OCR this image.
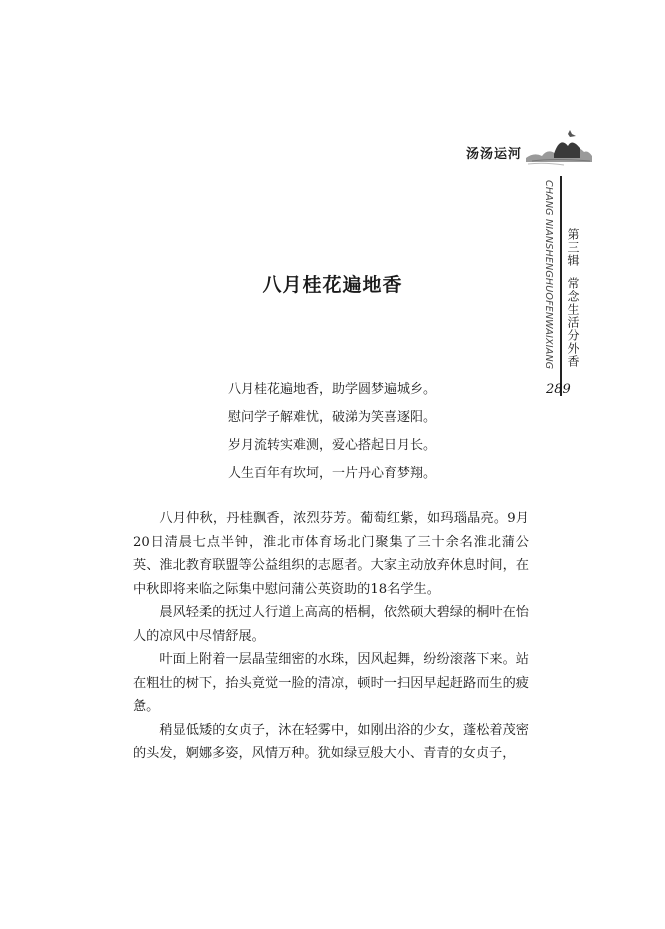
汤汤运河
CHANG NIANSHENGHUOFENWAIXIANG 第三辑常念生活分外香
289
八月桂花遍地香
八月桂花遍地香，助学圆梦遍城乡。
慰问学子解难忧，破涕为笑喜逐阳。
岁月流转实难测，爱心搭起日月长。
人生百年有坎坷，一片丹心育梦翔。

八月仲秋，丹桂飘香，浓烈芬芳。葡萄红紫，如玛瑙晶亮。9月20日清晨七点半钟，淮北市体育场北门聚集了三十余名淮北蒲公英、淮北教育联盟等公益组织的志愿者。大家主动放弃休息时间，在中秋即将来临之际集中慰问蒲公英资助的18名学生。

晨风轻柔的抚过人行道上高高的梧桐，依然硕大碧绿的桐叶在怡人的凉风中尽情舒展。

叶面上附着一层晶莹细密的水珠，因风起舞，纷纷滚落下来。站在粗壮的树下，抬头竟觉一脸的清凉，顿时一扫因早起赶路而生的疲惫。

稍显低矮的女贞子，沐在轻雾中，如刚出浴的少女，蓬松着茂密的头发，婀娜多姿，风情万种。犹如绿豆般大小、青青的女贞子，
